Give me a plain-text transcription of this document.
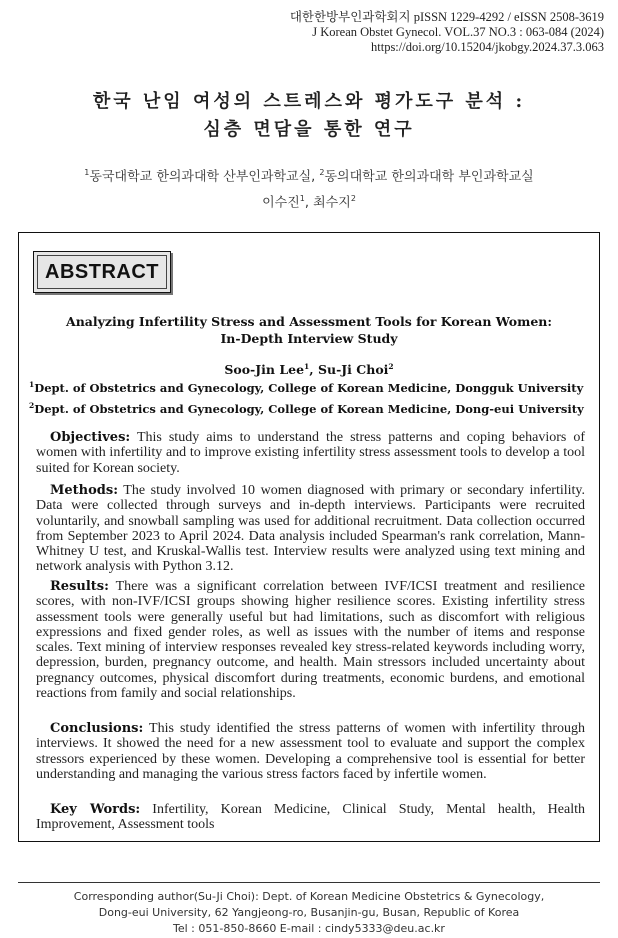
대한한방부인과학회지 pISSN 1229-4292 / eISSN 2508-3619
J Korean Obstet Gynecol. VOL.37 NO.3 : 063-084 (2024)
https://doi.org/10.15204/jkobgy.2024.37.3.063
한국 난임 여성의 스트레스와 평가도구 분석 :
심층 면담을 통한 연구
$^1$동국대학교 한의과대학 산부인과학교실, $^2$동의대학교 한의과대학 부인과학교실
이수진$^1$, 최수지$^2$
ABSTRACT
Analyzing Infertility Stress and Assessment Tools for Korean Women:
In-Depth Interview Study
Soo-Jin Lee$^1$, Su-Ji Choi$^2$
$^1$Dept. of Obstetrics and Gynecology, College of Korean Medicine, Dongguk University
$^2$Dept. of Obstetrics and Gynecology, College of Korean Medicine, Dong-eui University
Objectives: This study aims to understand the stress patterns and coping behaviors of women with infertility and to improve existing infertility stress assessment tools to develop a tool suited for Korean society.
Methods: The study involved 10 women diagnosed with primary or secondary infertility. Data were collected through surveys and in-depth interviews. Participants were recruited voluntarily, and snowball sampling was used for additional recruitment. Data collection occurred from September 2023 to April 2024. Data analysis included Spearman's rank correlation, Mann-Whitney U test, and Kruskal-Wallis test. Interview results were analyzed using text mining and network analysis with Python 3.12.
Results: There was a significant correlation between IVF/ICSI treatment and resilience scores, with non-IVF/ICSI groups showing higher resilience scores. Existing infertility stress assessment tools were generally useful but had limitations, such as discomfort with religious expressions and fixed gender roles, as well as issues with the number of items and response scales. Text mining of interview responses revealed key stress-related keywords including worry, depression, burden, pregnancy outcome, and health. Main stressors included uncertainty about pregnancy outcomes, physical discomfort during treatments, economic burdens, and emotional reactions from family and social relationships.
Conclusions: This study identified the stress patterns of women with infertility through interviews. It showed the need for a new assessment tool to evaluate and support the complex stressors experienced by these women. Developing a comprehensive tool is essential for better understanding and managing the various stress factors faced by infertile women.
Key Words: Infertility, Korean Medicine, Clinical Study, Mental health, Health Improvement, Assessment tools
Corresponding author(Su-Ji Choi): Dept. of Korean Medicine Obstetrics & Gynecology,
Dong-eui University, 62 Yangjeong-ro, Busanjin-gu, Busan, Republic of Korea
Tel : 051-850-8660 E-mail : cindy5333@deu.ac.kr
